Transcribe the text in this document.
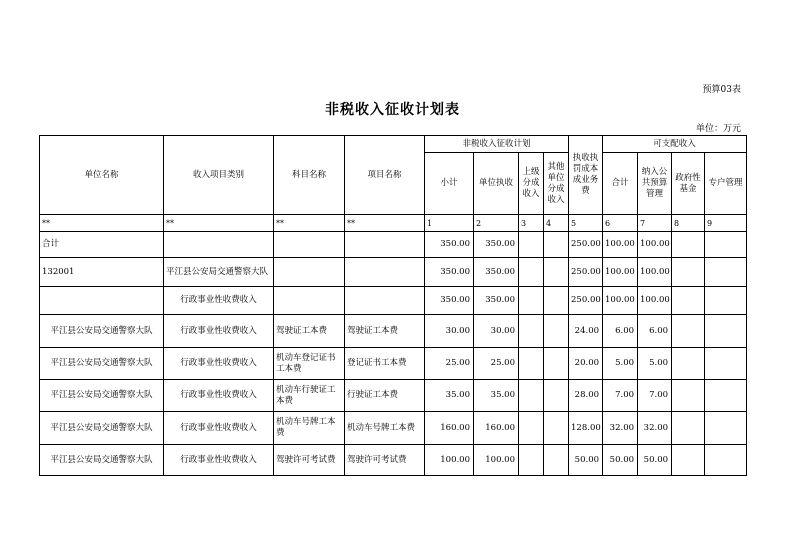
预算03表
非税收入征收计划表
单位：万元
单位名称	收入项目类别	科目名称	项目名称	非税收入征收计划				执收执罚成本成业务费	可支配收入			
				小计	单位执收	上级分成收入	其他单位分成收入		合计	纳入公共预算管理	政府性基金	专户管理
**	**	**	**	1	2	3	4	5	6	7	8	9
合计				350.00	350.00			250.00	100.00	100.00		
132001	平江县公安局交通警察大队			350.00	350.00			250.00	100.00	100.00		
	行政事业性收费收入			350.00	350.00			250.00	100.00	100.00		
平江县公安局交通警察大队	行政事业性收费收入	驾驶证工本费	驾驶证工本费	30.00	30.00			24.00	6.00	6.00		
平江县公安局交通警察大队	行政事业性收费收入	机动车登记证书工本费	登记证书工本费	25.00	25.00			20.00	5.00	5.00		
平江县公安局交通警察大队	行政事业性收费收入	机动车行驶证工本费	行驶证工本费	35.00	35.00			28.00	7.00	7.00		
平江县公安局交通警察大队	行政事业性收费收入	机动车号牌工本费	机动车号牌工本费	160.00	160.00			128.00	32.00	32.00		
平江县公安局交通警察大队	行政事业性收费收入	驾驶许可考试费	驾驶许可考试费	100.00	100.00			50.00	50.00	50.00		
